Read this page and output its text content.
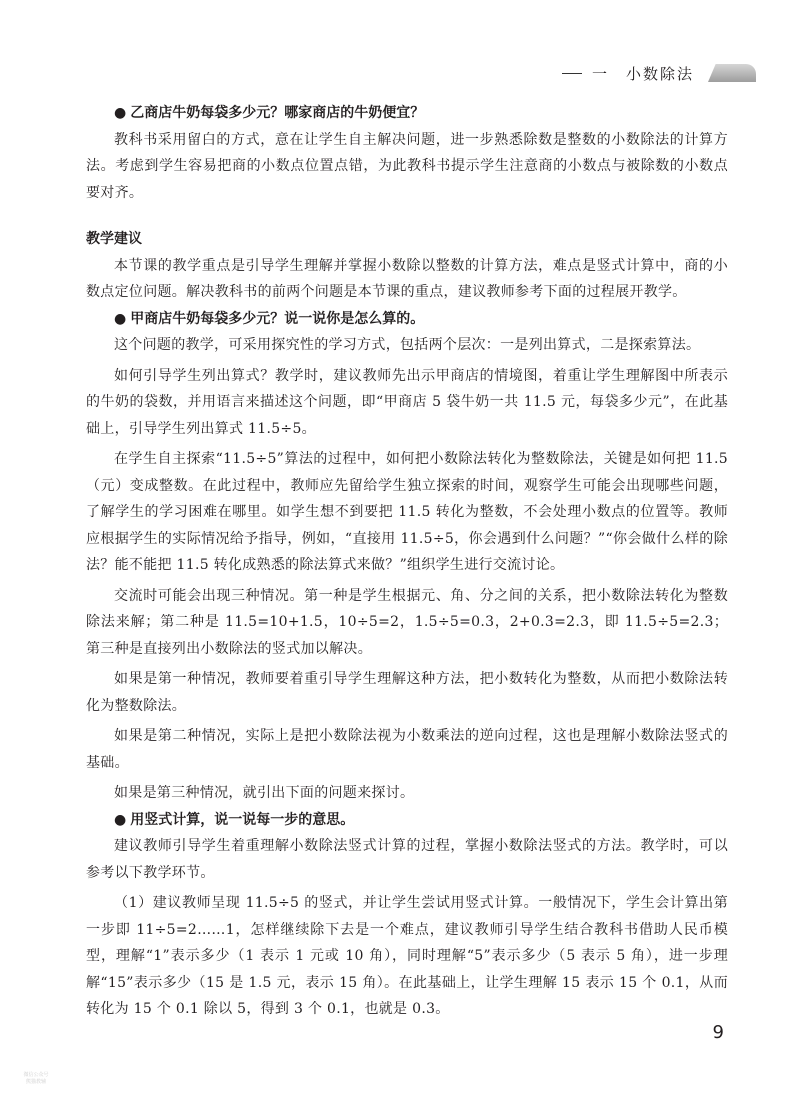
一　小数除法
● 乙商店牛奶每袋多少元？哪家商店的牛奶便宜？

教科书采用留白的方式，意在让学生自主解决问题，进一步熟悉除数是整数的小数除法的计算方法。考虑到学生容易把商的小数点位置点错，为此教科书提示学生注意商的小数点与被除数的小数点要对齐。

教学建议

本节课的教学重点是引导学生理解并掌握小数除以整数的计算方法，难点是竖式计算中，商的小数点定位问题。解决教科书的前两个问题是本节课的重点，建议教师参考下面的过程展开教学。

● 甲商店牛奶每袋多少元？说一说你是怎么算的。

这个问题的教学，可采用探究性的学习方式，包括两个层次：一是列出算式，二是探索算法。

如何引导学生列出算式？教学时，建议教师先出示甲商店的情境图，着重让学生理解图中所表示的牛奶的袋数，并用语言来描述这个问题，即“甲商店 5 袋牛奶一共 11.5 元，每袋多少元”，在此基础上，引导学生列出算式 11.5÷5。

在学生自主探索“11.5÷5”算法的过程中，如何把小数除法转化为整数除法，关键是如何把 11.5（元）变成整数。在此过程中，教师应先留给学生独立探索的时间，观察学生可能会出现哪些问题，了解学生的学习困难在哪里。如学生想不到要把 11.5 转化为整数，不会处理小数点的位置等。教师应根据学生的实际情况给予指导，例如，“直接用 11.5÷5，你会遇到什么问题？”“你会做什么样的除法？能不能把 11.5 转化成熟悉的除法算式来做？”组织学生进行交流讨论。

交流时可能会出现三种情况。第一种是学生根据元、角、分之间的关系，把小数除法转化为整数除法来解；第二种是 11.5=10+1.5，10÷5=2，1.5÷5=0.3，2+0.3=2.3，即 11.5÷5=2.3；第三种是直接列出小数除法的竖式加以解决。

如果是第一种情况，教师要着重引导学生理解这种方法，把小数转化为整数，从而把小数除法转化为整数除法。

如果是第二种情况，实际上是把小数除法视为小数乘法的逆向过程，这也是理解小数除法竖式的基础。

如果是第三种情况，就引出下面的问题来探讨。

● 用竖式计算，说一说每一步的意思。

建议教师引导学生着重理解小数除法竖式计算的过程，掌握小数除法竖式的方法。教学时，可以参考以下教学环节。

（1）建议教师呈现 11.5÷5 的竖式，并让学生尝试用竖式计算。一般情况下，学生会计算出第一步即 11÷5=2……1，怎样继续除下去是一个难点，建议教师引导学生结合教科书借助人民币模型，理解“1”表示多少（1 表示 1 元或 10 角），同时理解“5”表示多少（5 表示 5 角），进一步理解“15”表示多少（15 是 1.5 元，表示 15 角）。在此基础上，让学生理解 15 表示 15 个 0.1，从而转化为 15 个 0.1 除以 5，得到 3 个 0.1，也就是 0.3。

9
微信公众号
熊猫教辅
